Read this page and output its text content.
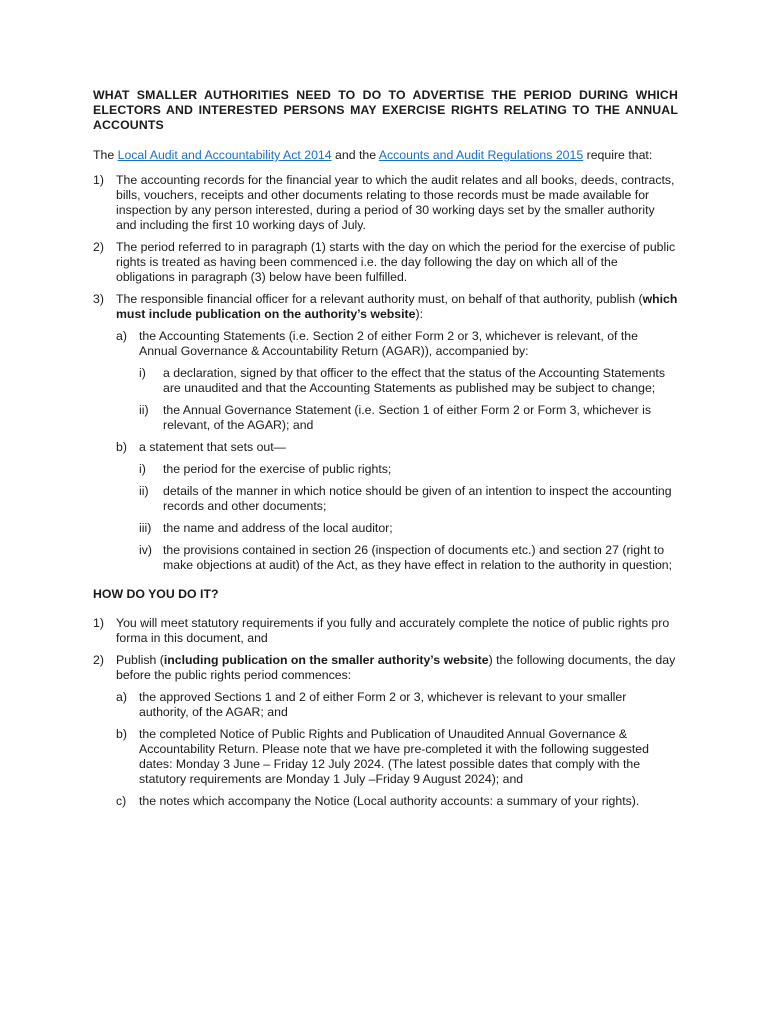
WHAT SMALLER AUTHORITIES NEED TO DO TO ADVERTISE THE PERIOD DURING WHICH ELECTORS AND INTERESTED PERSONS MAY EXERCISE RIGHTS RELATING TO THE ANNUAL ACCOUNTS

The Local Audit and Accountability Act 2014 and the Accounts and Audit Regulations 2015 require that:

1) The accounting records for the financial year to which the audit relates and all books, deeds, contracts, bills, vouchers, receipts and other documents relating to those records must be made available for inspection by any person interested, during a period of 30 working days set by the smaller authority and including the first 10 working days of July.
2) The period referred to in paragraph (1) starts with the day on which the period for the exercise of public rights is treated as having been commenced i.e. the day following the day on which all of the obligations in paragraph (3) below have been fulfilled.
3) The responsible financial officer for a relevant authority must, on behalf of that authority, publish (which must include publication on the authority’s website):
a) the Accounting Statements (i.e. Section 2 of either Form 2 or 3, whichever is relevant, of the Annual Governance & Accountability Return (AGAR)), accompanied by:
i) a declaration, signed by that officer to the effect that the status of the Accounting Statements are unaudited and that the Accounting Statements as published may be subject to change;
ii) the Annual Governance Statement (i.e. Section 1 of either Form 2 or Form 3, whichever is relevant, of the AGAR); and
b) a statement that sets out—
i) the period for the exercise of public rights;
ii) details of the manner in which notice should be given of an intention to inspect the accounting records and other documents;
iii) the name and address of the local auditor;
iv) the provisions contained in section 26 (inspection of documents etc.) and section 27 (right to make objections at audit) of the Act, as they have effect in relation to the authority in question;

HOW DO YOU DO IT?

1) You will meet statutory requirements if you fully and accurately complete the notice of public rights pro forma in this document, and
2) Publish (including publication on the smaller authority’s website) the following documents, the day before the public rights period commences:
a) the approved Sections 1 and 2 of either Form 2 or 3, whichever is relevant to your smaller authority, of the AGAR; and
b) the completed Notice of Public Rights and Publication of Unaudited Annual Governance & Accountability Return. Please note that we have pre-completed it with the following suggested dates: Monday 3 June – Friday 12 July 2024. (The latest possible dates that comply with the statutory requirements are Monday 1 July –Friday 9 August 2024); and
c) the notes which accompany the Notice (Local authority accounts: a summary of your rights).
